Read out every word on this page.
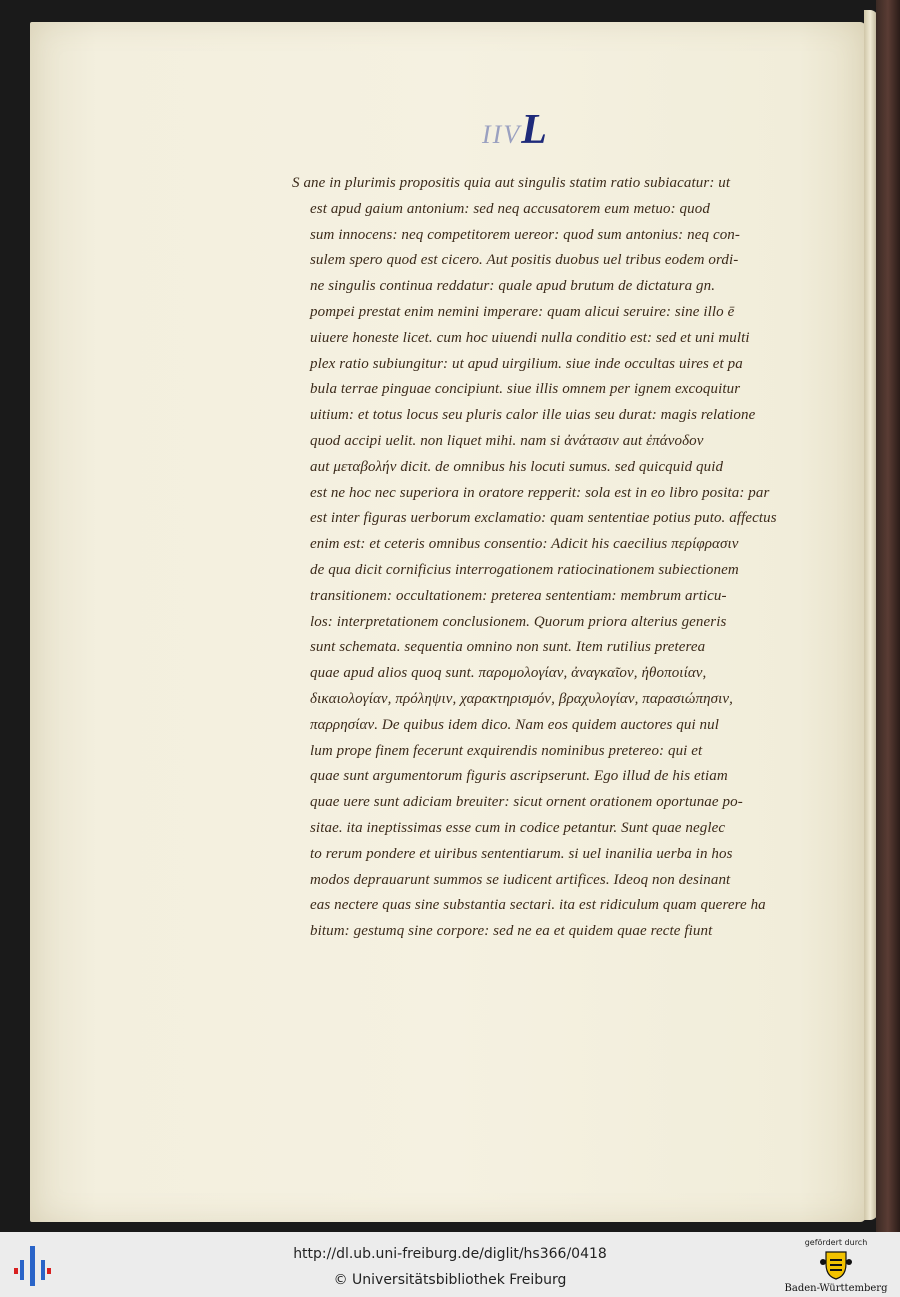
IIVL
S ane in plurimis propositis quia aut singulis statim ratio subiacatur: ut
est apud gaium antonium: sed neq accusatorem eum metuo: quod
sum innocens: neq competitorem uereor: quod sum antonius: neq con-
sulem spero quod est cicero. Aut positis duobus uel tribus eodem ordi-
ne singulis continua reddatur: quale apud brutum de dictatura gn.
pompei prestat enim nemini imperare: quam alicui seruire: sine illo ē
uiuere honeste licet. cum hoc uiuendi nulla conditio est: sed et uni multi
plex ratio subiungitur: ut apud uirgilium. siue inde occultas uires et pa
bula terrae pinguae concipiunt. siue illis omnem per ignem excoquitur
uitium: et totus locus seu pluris calor ille uias seu durat: magis relatione
quod accipi uelit. non liquet mihi. nam si ἀνάτασιν aut ἐπάνοδον
aut μεταβολήν dicit. de omnibus his locuti sumus. sed quicquid quid
est ne hoc nec superiora in oratore repperit: sola est in eo libro posita: par
est inter figuras uerborum exclamatio: quam sententiae potius puto. affectus
enim est: et ceteris omnibus consentio: Adicit his caecilius περίφρασιν
de qua dicit cornificius interrogationem ratiocinationem subiectionem
transitionem: occultationem: preterea sententiam: membrum articu-
los: interpretationem conclusionem. Quorum priora alterius generis
sunt schemata. sequentia omnino non sunt. Item rutilius preterea
quae apud alios quoq sunt. παρομολογίαν, ἀναγκαῖον, ἠθοποιίαν,
δικαιολογίαν, πρόληψιν, χαρακτηρισμόν, βραχυλογίαν, παρασιώπησιν,
παρρησίαν. De quibus idem dico. Nam eos quidem auctores qui nul
lum prope finem fecerunt exquirendis nominibus pretereo: qui et
quae sunt argumentorum figuris ascripserunt. Ego illud de his etiam
quae uere sunt adiciam breuiter: sicut ornent orationem oportunae po-
sitae. ita ineptissimas esse cum in codice petantur. Sunt quae neglec
to rerum pondere et uiribus sententiarum. si uel inanilia uerba in hos
modos deprauarunt summos se iudicent artifices. Ideoq non desinant
eas nectere quas sine substantia sectari. ita est ridiculum quam querere ha
bitum: gestumq sine corpore: sed ne ea et quidem quae recte fiunt
http://dl.ub.uni-freiburg.de/diglit/hs366/0418
© Universitätsbibliothek Freiburg
gefördert durch
Baden-Württemberg
